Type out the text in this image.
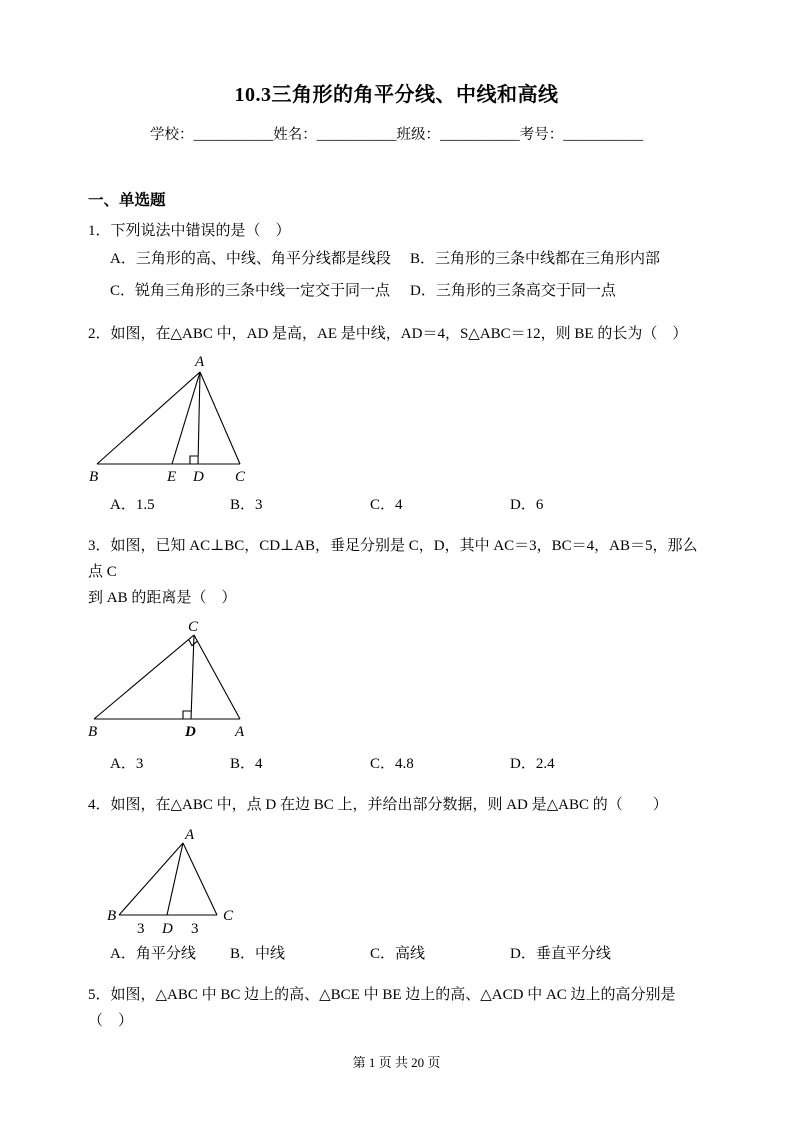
10.3三角形的角平分线、中线和高线
学校：___________姓名：___________班级：___________考号：___________
一、单选题
1．下列说法中错误的是（　）
A．三角形的高、中线、角平分线都是线段	B．三角形的三条中线都在三角形内部
C．锐角三角形的三条中线一定交于同一点	D．三角形的三条高交于同一点
2．如图，在△ABC 中，AD 是高，AE 是中线，AD＝4，S△ABC＝12，则 BE 的长为（　）
A
B	E D C
A．1.5	B．3	C．4	D．6
3．如图，已知 AC⊥BC，CD⊥AB，垂足分别是 C，D，其中 AC＝3，BC＝4，AB＝5，那么点 C
到 AB 的距离是（　）
C
B	D	A
A．3	B．4	C．4.8	D．2.4
4．如图，在△ABC 中，点 D 在边 BC 上，并给出部分数据，则 AD 是△ABC 的（　　）
A
B
D
C
3	3
A．角平分线	B．中线	C．高线	D．垂直平分线
5．如图，△ABC 中 BC 边上的高、△BCE 中 BE 边上的高、△ACD 中 AC 边上的高分别是（　）
第 1 页 共 20 页
